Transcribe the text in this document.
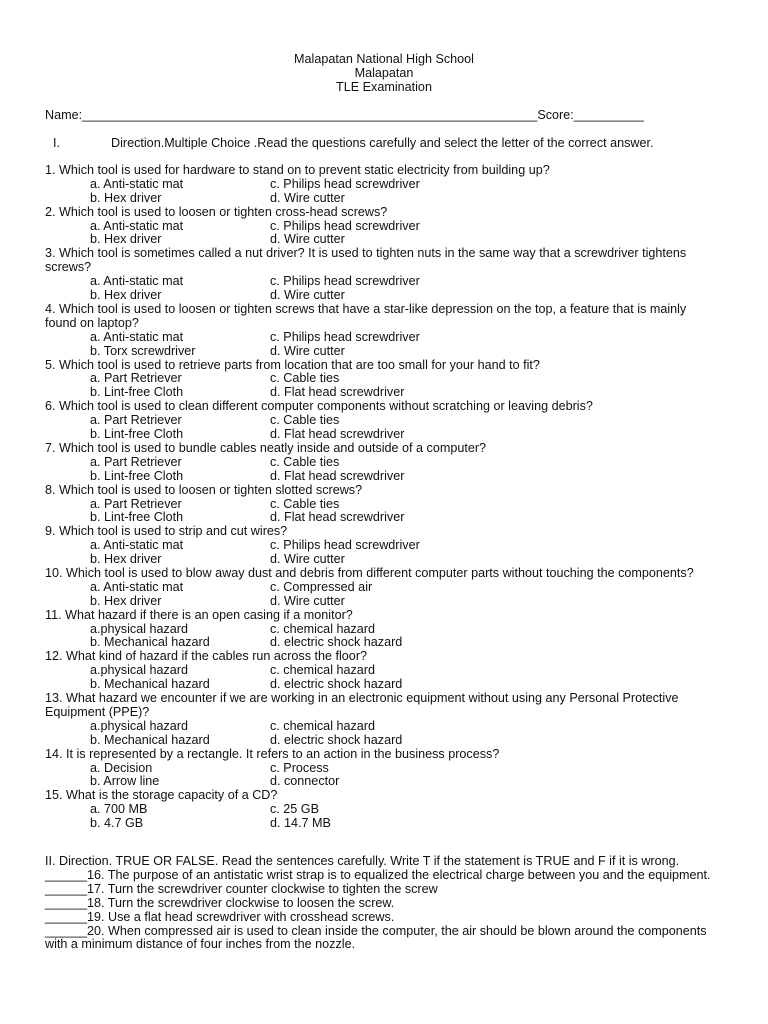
Malapatan National High School
Malapatan
TLE Examination
Name:_________________________________________________________________Score:__________
I.	Direction.Multiple Choice .Read the questions carefully and select the letter of the correct answer.

1. Which tool is used for hardware to stand on to prevent static electricity from building up?

a. Anti-static mat	c. Philips head screwdriver
b. Hex driver	d. Wire cutter

2. Which tool is used to loosen or tighten cross-head screws?

a. Anti-static mat	c. Philips head screwdriver
b. Hex driver	d. Wire cutter

3. Which tool is sometimes called a nut driver? It is used to tighten nuts in the same way that a screwdriver tightens screws?

a. Anti-static mat	c. Philips head screwdriver
b. Hex driver	d. Wire cutter

4. Which tool is used to loosen or tighten screws that have a star-like depression on the top, a feature that is mainly found on laptop?

a. Anti-static mat	c. Philips head screwdriver
b. Torx screwdriver	d. Wire cutter

5. Which tool is used to retrieve parts from location that are too small for your hand to fit?

a. Part Retriever	c. Cable ties
b. Lint-free Cloth	d. Flat head screwdriver

6. Which tool is used to clean different computer components without scratching or leaving debris?

a. Part Retriever	c. Cable ties
b. Lint-free Cloth	d. Flat head screwdriver

7. Which tool is used to bundle cables neatly inside and outside of a computer?

a. Part Retriever	c. Cable ties
b. Lint-free Cloth	d. Flat head screwdriver

8. Which tool is used to loosen or tighten slotted screws?

a. Part Retriever	c. Cable ties
b. Lint-free Cloth	d. Flat head screwdriver

9. Which tool is used to strip and cut wires?

a. Anti-static mat	c. Philips head screwdriver
b. Hex driver	d. Wire cutter

10. Which tool is used to blow away dust and debris from different computer parts without touching the components?

a. Anti-static mat	c. Compressed air
b. Hex driver	d. Wire cutter

11. What hazard if there is an open casing if a monitor?

a.physical hazard	c. chemical hazard
b. Mechanical hazard	d. electric shock hazard

12. What kind of hazard if the cables run across the floor?

a.physical hazard	c. chemical hazard
b. Mechanical hazard	d. electric shock hazard

13. What hazard we encounter if we are working in an electronic equipment without using any Personal Protective Equipment (PPE)?

a.physical hazard	c. chemical hazard
b. Mechanical hazard	d. electric shock hazard

14. It is represented by a rectangle. It refers to an action in the business process?

a. Decision	c. Process
b. Arrow line	d. connector

15. What is the storage capacity of a CD?

a. 700 MB	c. 25 GB
b. 4.7 GB	d. 14.7 MB
II. Direction. TRUE OR FALSE. Read the sentences carefully. Write T if the statement is TRUE and F if it is wrong.
______16. The purpose of an antistatic wrist strap is to equalized the electrical charge between you and the equipment.
______17. Turn the screwdriver counter clockwise to tighten the screw
______18. Turn the screwdriver clockwise to loosen the screw.
______19. Use a flat head screwdriver with crosshead screws.
______20. When compressed air is used to clean inside the computer, the air should be blown around the components with a minimum distance of four inches from the nozzle.
